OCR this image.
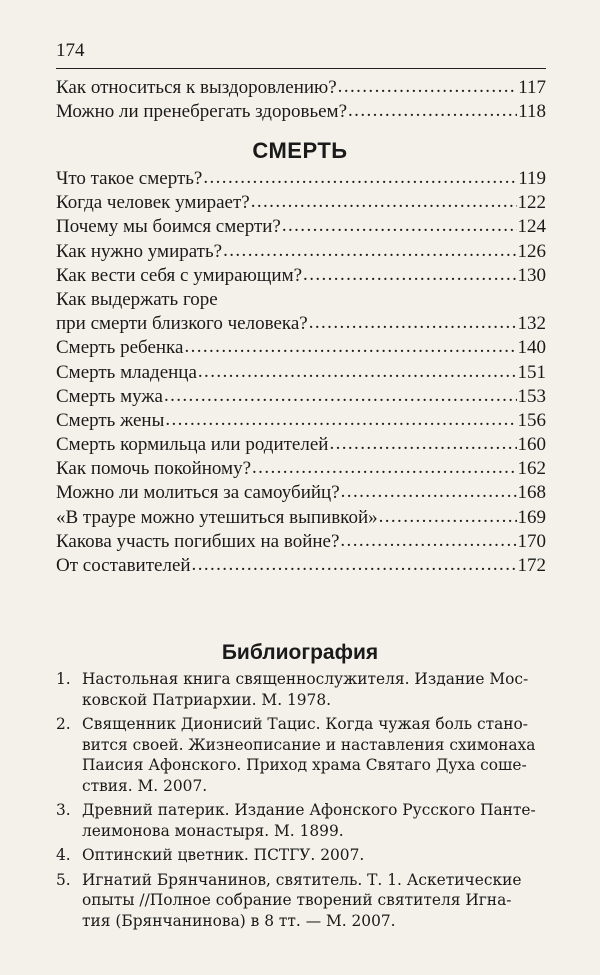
174
Как относиться к выздоровлению? .....	117
Можно ли пренебрегать здоровьем? .....	118
СМЕРТЬ
Что такое смерть? .....	119
Когда человек умирает? .....	122
Почему мы боимся смерти? .....	124
Как нужно умирать? .....	126
Как вести себя с умирающим? .....	130
Как выдержать горе
при смерти близкого человека? .....	132
Смерть ребенка .....	140
Смерть младенца .....	151
Смерть мужа .....	153
Смерть жены .....	156
Смерть кормильца или родителей .....	160
Как помочь покойному? .....	162
Можно ли молиться за самоубийц? .....	168
«В трауре можно утешиться выпивкой» .....	169
Какова участь погибших на войне? .....	170
От составителей .....	172
Библиография
1. Настольная книга священнослужителя. Издание Мос-
ковской Патриархии. М. 1978.
2. Священник Дионисий Тацис. Когда чужая боль стано-
вится своей. Жизнеописание и наставления схимонаха
Паисия Афонского. Приход храма Святаго Духа соше-
ствия. М. 2007.
3. Древний патерик. Издание Афонского Русского Панте-
леимонова монастыря. М. 1899.
4. Оптинский цветник. ПСТГУ. 2007.
5. Игнатий Брянчанинов, святитель. Т. 1. Аскетические
опыты //Полное собрание творений святителя Игна-
тия (Брянчанинова) в 8 тт. — М. 2007.
